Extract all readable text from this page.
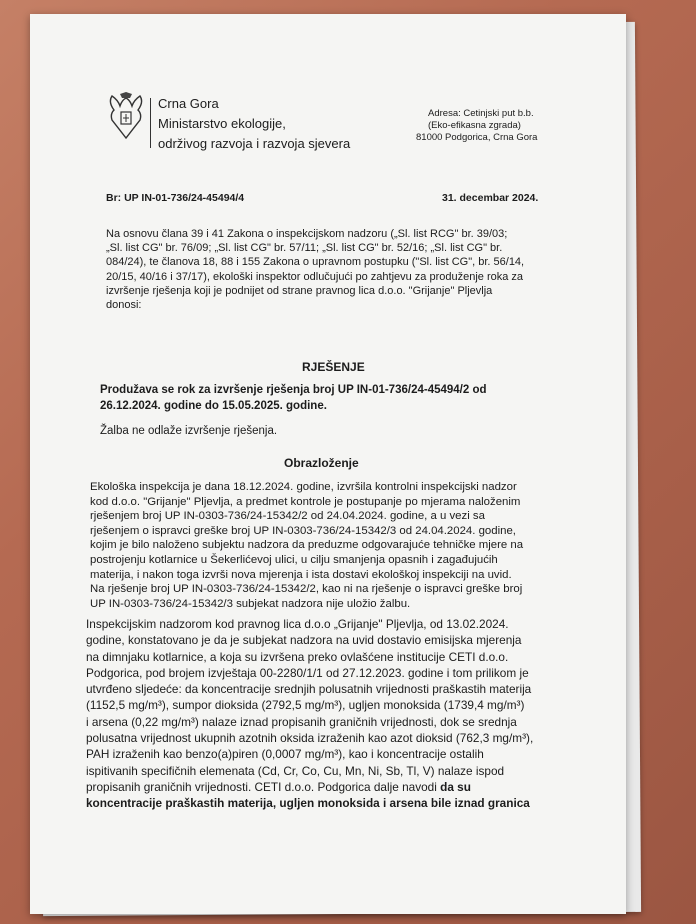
Crna Gora
Ministarstvo ekologije,
održivog razvoja i razvoja sjevera
Adresa: Cetinjski put b.b.
(Eko-efikasna zgrada)
81000 Podgorica, Crna Gora
Br: UP IN-01-736/24-45494/4	31. decembar 2024.
Na osnovu člana 39 i 41 Zakona o inspekcijskom nadzoru („Sl. list RCG" br. 39/03;
„Sl. list CG" br. 76/09; „Sl. list CG" br. 57/11; „Sl. list CG" br. 52/16; „Sl. list CG" br.
084/24), te članova 18, 88 i 155 Zakona o upravnom postupku ("Sl. list CG", br. 56/14,
20/15, 40/16 i 37/17), ekološki inspektor odlučujući po zahtjevu za produženje roka za
izvršenje rješenja koji je podnijet od strane pravnog lica d.o.o. "Grijanje" Pljevlja
donosi:
RJEŠENJE
Produžava se rok za izvršenje rješenja broj UP IN-01-736/24-45494/2 od
26.12.2024. godine do 15.05.2025. godine.
Žalba ne odlaže izvršenje rješenja.
Obrazloženje
Ekološka inspekcija je dana 18.12.2024. godine, izvršila kontrolni inspekcijski nadzor
kod d.o.o. "Grijanje" Pljevlja, a predmet kontrole je postupanje po mjerama naloženim
rješenjem broj UP IN-0303-736/24-15342/2 od 24.04.2024. godine, a u vezi sa
rješenjem o ispravci greške broj UP IN-0303-736/24-15342/3 od 24.04.2024. godine,
kojim je bilo naloženo subjektu nadzora da preduzme odgovarajuće tehničke mjere na
postrojenju kotlarnice u Šekerlićevoj ulici, u cilju smanjenja opasnih i zagađujućih
materija, i nakon toga izvrši nova mjerenja i ista dostavi ekološkoj inspekciji na uvid.
Na rješenje broj UP IN-0303-736/24-15342/2, kao ni na rješenje o ispravci greške broj
UP IN-0303-736/24-15342/3 subjekat nadzora nije uložio žalbu.
Inspekcijskim nadzorom kod pravnog lica d.o.o „Grijanje" Pljevlja, od 13.02.2024.
godine, konstatovano je da je subjekat nadzora na uvid dostavio emisijska mjerenja
na dimnjaku kotlarnice, a koja su izvršena preko ovlašćene institucije CETI d.o.o.
Podgorica, pod brojem izvještaja 00-2280/1/1 od 27.12.2023. godine i tom prilikom je
utvrđeno sljedeće: da koncentracije srednjih polusatnih vrijednosti praškastih materija
(1152,5 mg/m³), sumpor dioksida (2792,5 mg/m³), ugljen monoksida (1739,4 mg/m³)
i arsena (0,22 mg/m³) nalaze iznad propisanih graničnih vrijednosti, dok se srednja
polusatna vrijednost ukupnih azotnih oksida izraženih kao azot dioksid (762,3 mg/m³),
PAH izraženih kao benzo(a)piren (0,0007 mg/m³), kao i koncentracije ostalih
ispitivanih specifičnih elemenata (Cd, Cr, Co, Cu, Mn, Ni, Sb, Tl, V) nalaze ispod
propisanih graničnih vrijednosti. CETI d.o.o. Podgorica dalje navodi da su
koncentracije praškastih materija, ugljen monoksida i arsena bile iznad granica
